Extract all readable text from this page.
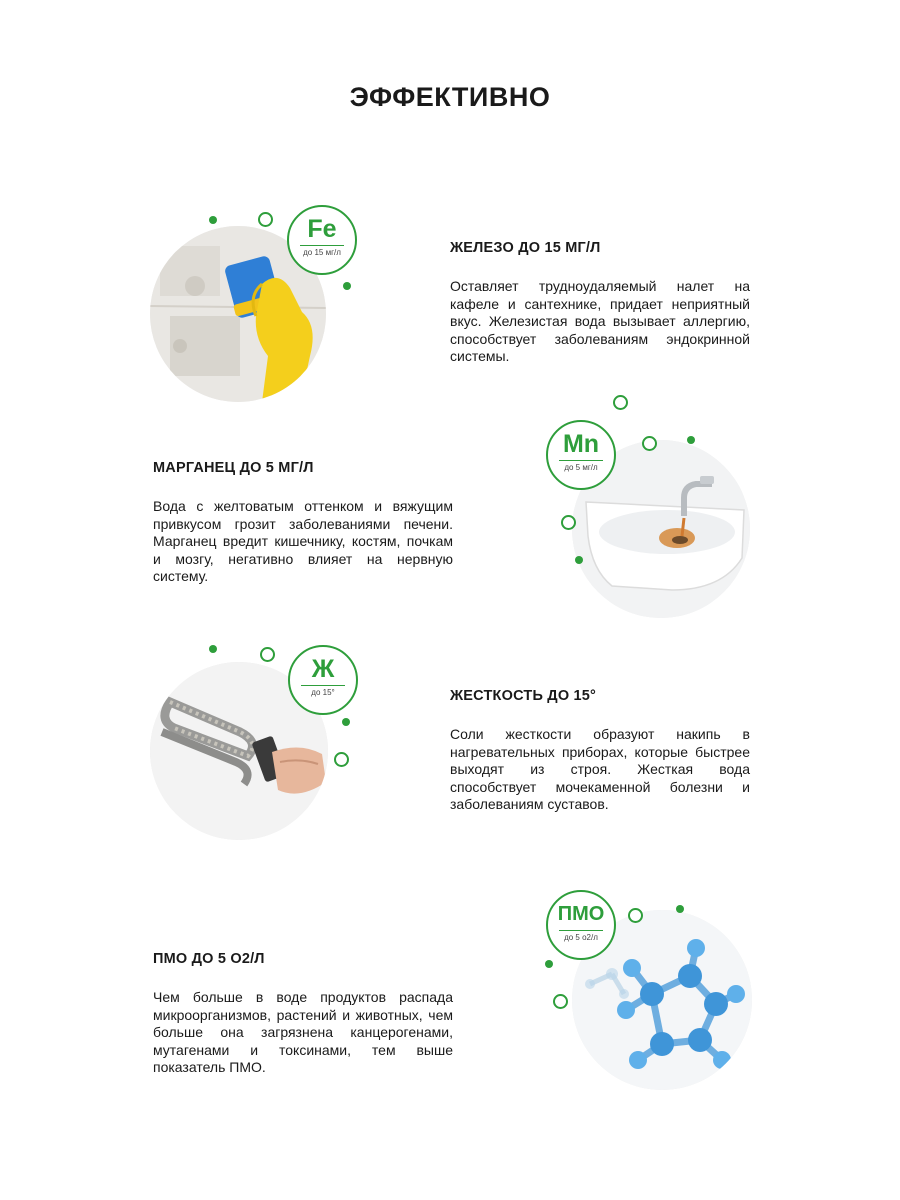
ЭФФЕКТИВНО
Fe
до 15 мг/л	ЖЕЛЕЗО ДО 15 МГ/Л

Оставляет трудноудаляемый налет на кафеле и сантехнике, придает неприятный вкус. Железистая вода вызывает аллергию, способствует заболеваниям эндокринной системы.

МАРГАНЕЦ ДО 5 МГ/Л

Вода с желтоватым оттенком и вяжущим привкусом грозит заболеваниями печени. Марганец вредит кишечнику, костям, почкам и мозгу, негативно влияет на нервную систему.

Mn
до 5 мг/л
Ж
до 15°	ЖЕСТКОСТЬ ДО 15°

Соли жесткости образуют накипь в нагревательных приборах, которые быстрее выходят из строя. Жесткая вода способствует мочекаменной болезни и заболеваниям суставов.

ПМО ДО 5 О2/Л

Чем больше в воде продуктов распада микроорганизмов, растений и животных, чем больше она загрязнена канцерогенами, мутагенами и токсинами, тем выше показатель ПМО.

ПМО
до 5 о2/л
